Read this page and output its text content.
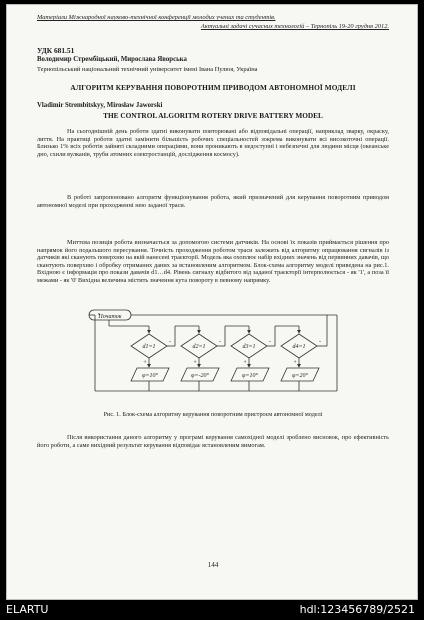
Матеріали Міжнародної науково-технічної конференції молодих учених та студентів.
Актуальні задачі сучасних технологій – Тернопіль 19-20 грудня 2012.
УДК 681.51
Володимир Стрембіцький, Мирослава Яворська
Тернопільський національний технічний університет імені Івана Пулюя, Україна
АЛГОРИТМ КЕРУВАННЯ ПОВОРОТНИМ ПРИВОДОМ АВТОНОМНОЇ МОДЕЛІ
Vladimir Strembitskyy, Mirosław Jaworski
THE CONTROL ALGORITM ROTERY DRIVE BATTERY MODEL
На сьогоднішній день роботи здатні виконувати повторювані або відповідальні операції, наприклад зварку, окраску, лиття. На практиці роботи здатні замінити більшість робочих спеціальностей зокрема виконувати всі високоточні операції. Близько 1% всіх роботів зайняті складними операціями, вони проникають в недоступні і небезпечні для людини місця (океанське дно, схили вулканів, труби атомних електростанцій, дослідження космосу).
В роботі запропоновано алгоритм функціонування робота, який призначений для керування поворотним приводом автономної моделі при проходженні нею заданої траси.
Миттєва позиція робота визначається за допомогою системи датчиків. На основі їх показів приймається рішення про напрямок його подальшого пересування. Точність проходження роботом траси залежить від алгоритму опрацювання сигналів із датчиків які сканують поверхню на якій нанесені траєкторії. Модель яка охоплює набір вхідних значень від первинних давачів, що скантують поверхню і обробку отриманих даних за встановленим алгоритмом. Блок-схема алгоритму моделі приведена на рис.1. Вхідною є інформація про покази давачів d1…d4. Рівень сигналу відбитого від заданої траєкторії інтерполюється - як '1', а поза її межами - як '0' Вихідна величина містить значення кута повороту в певному напрямку.
Початок
d1=1	d2=1	d3=1	d4=1
+	+	+	+
-	-	-	-
φ=10°	φ=-20°	φ=10°	φ=20°
Рис. 1. Блок-схема алгоритму керування поворотним пристроєм автономної моделі
Після використання даного алгоритму у програмі керування самохідної моделі зроблено висновок, про ефективність його роботи, а саме вихідний результат керування відповідає встановленим вимогам.
144
ELARTU	hdl:123456789/2521
